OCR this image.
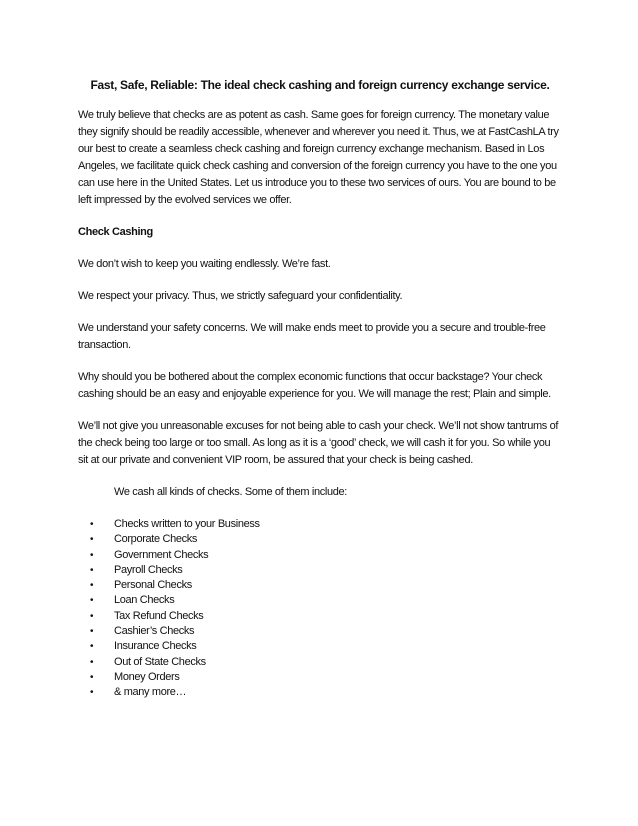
Fast, Safe, Reliable: The ideal check cashing and foreign currency exchange service.

We truly believe that checks are as potent as cash. Same goes for foreign currency. The monetary value they signify should be readily accessible, whenever and wherever you need it. Thus, we at FastCashLA try our best to create a seamless check cashing and foreign currency exchange mechanism. Based in Los Angeles, we facilitate quick check cashing and conversion of the foreign currency you have to the one you can use here in the United States. Let us introduce you to these two services of ours. You are bound to be left impressed by the evolved services we offer.

Check Cashing

We don’t wish to keep you waiting endlessly. We’re fast.

We respect your privacy. Thus, we strictly safeguard your confidentiality.

We understand your safety concerns. We will make ends meet to provide you a secure and trouble-free transaction.

Why should you be bothered about the complex economic functions that occur backstage? Your check cashing should be an easy and enjoyable experience for you. We will manage the rest; Plain and simple.

We’ll not give you unreasonable excuses for not being able to cash your check. We’ll not show tantrums of the check being too large or too small. As long as it is a ‘good’ check, we will cash it for you. So while you sit at our private and convenient VIP room, be assured that your check is being cashed.

We cash all kinds of checks. Some of them include:

• Checks written to your Business
• Corporate Checks
• Government Checks
• Payroll Checks
• Personal Checks
• Loan Checks
• Tax Refund Checks
• Cashier’s Checks
• Insurance Checks
• Out of State Checks
• Money Orders
• & many more…
